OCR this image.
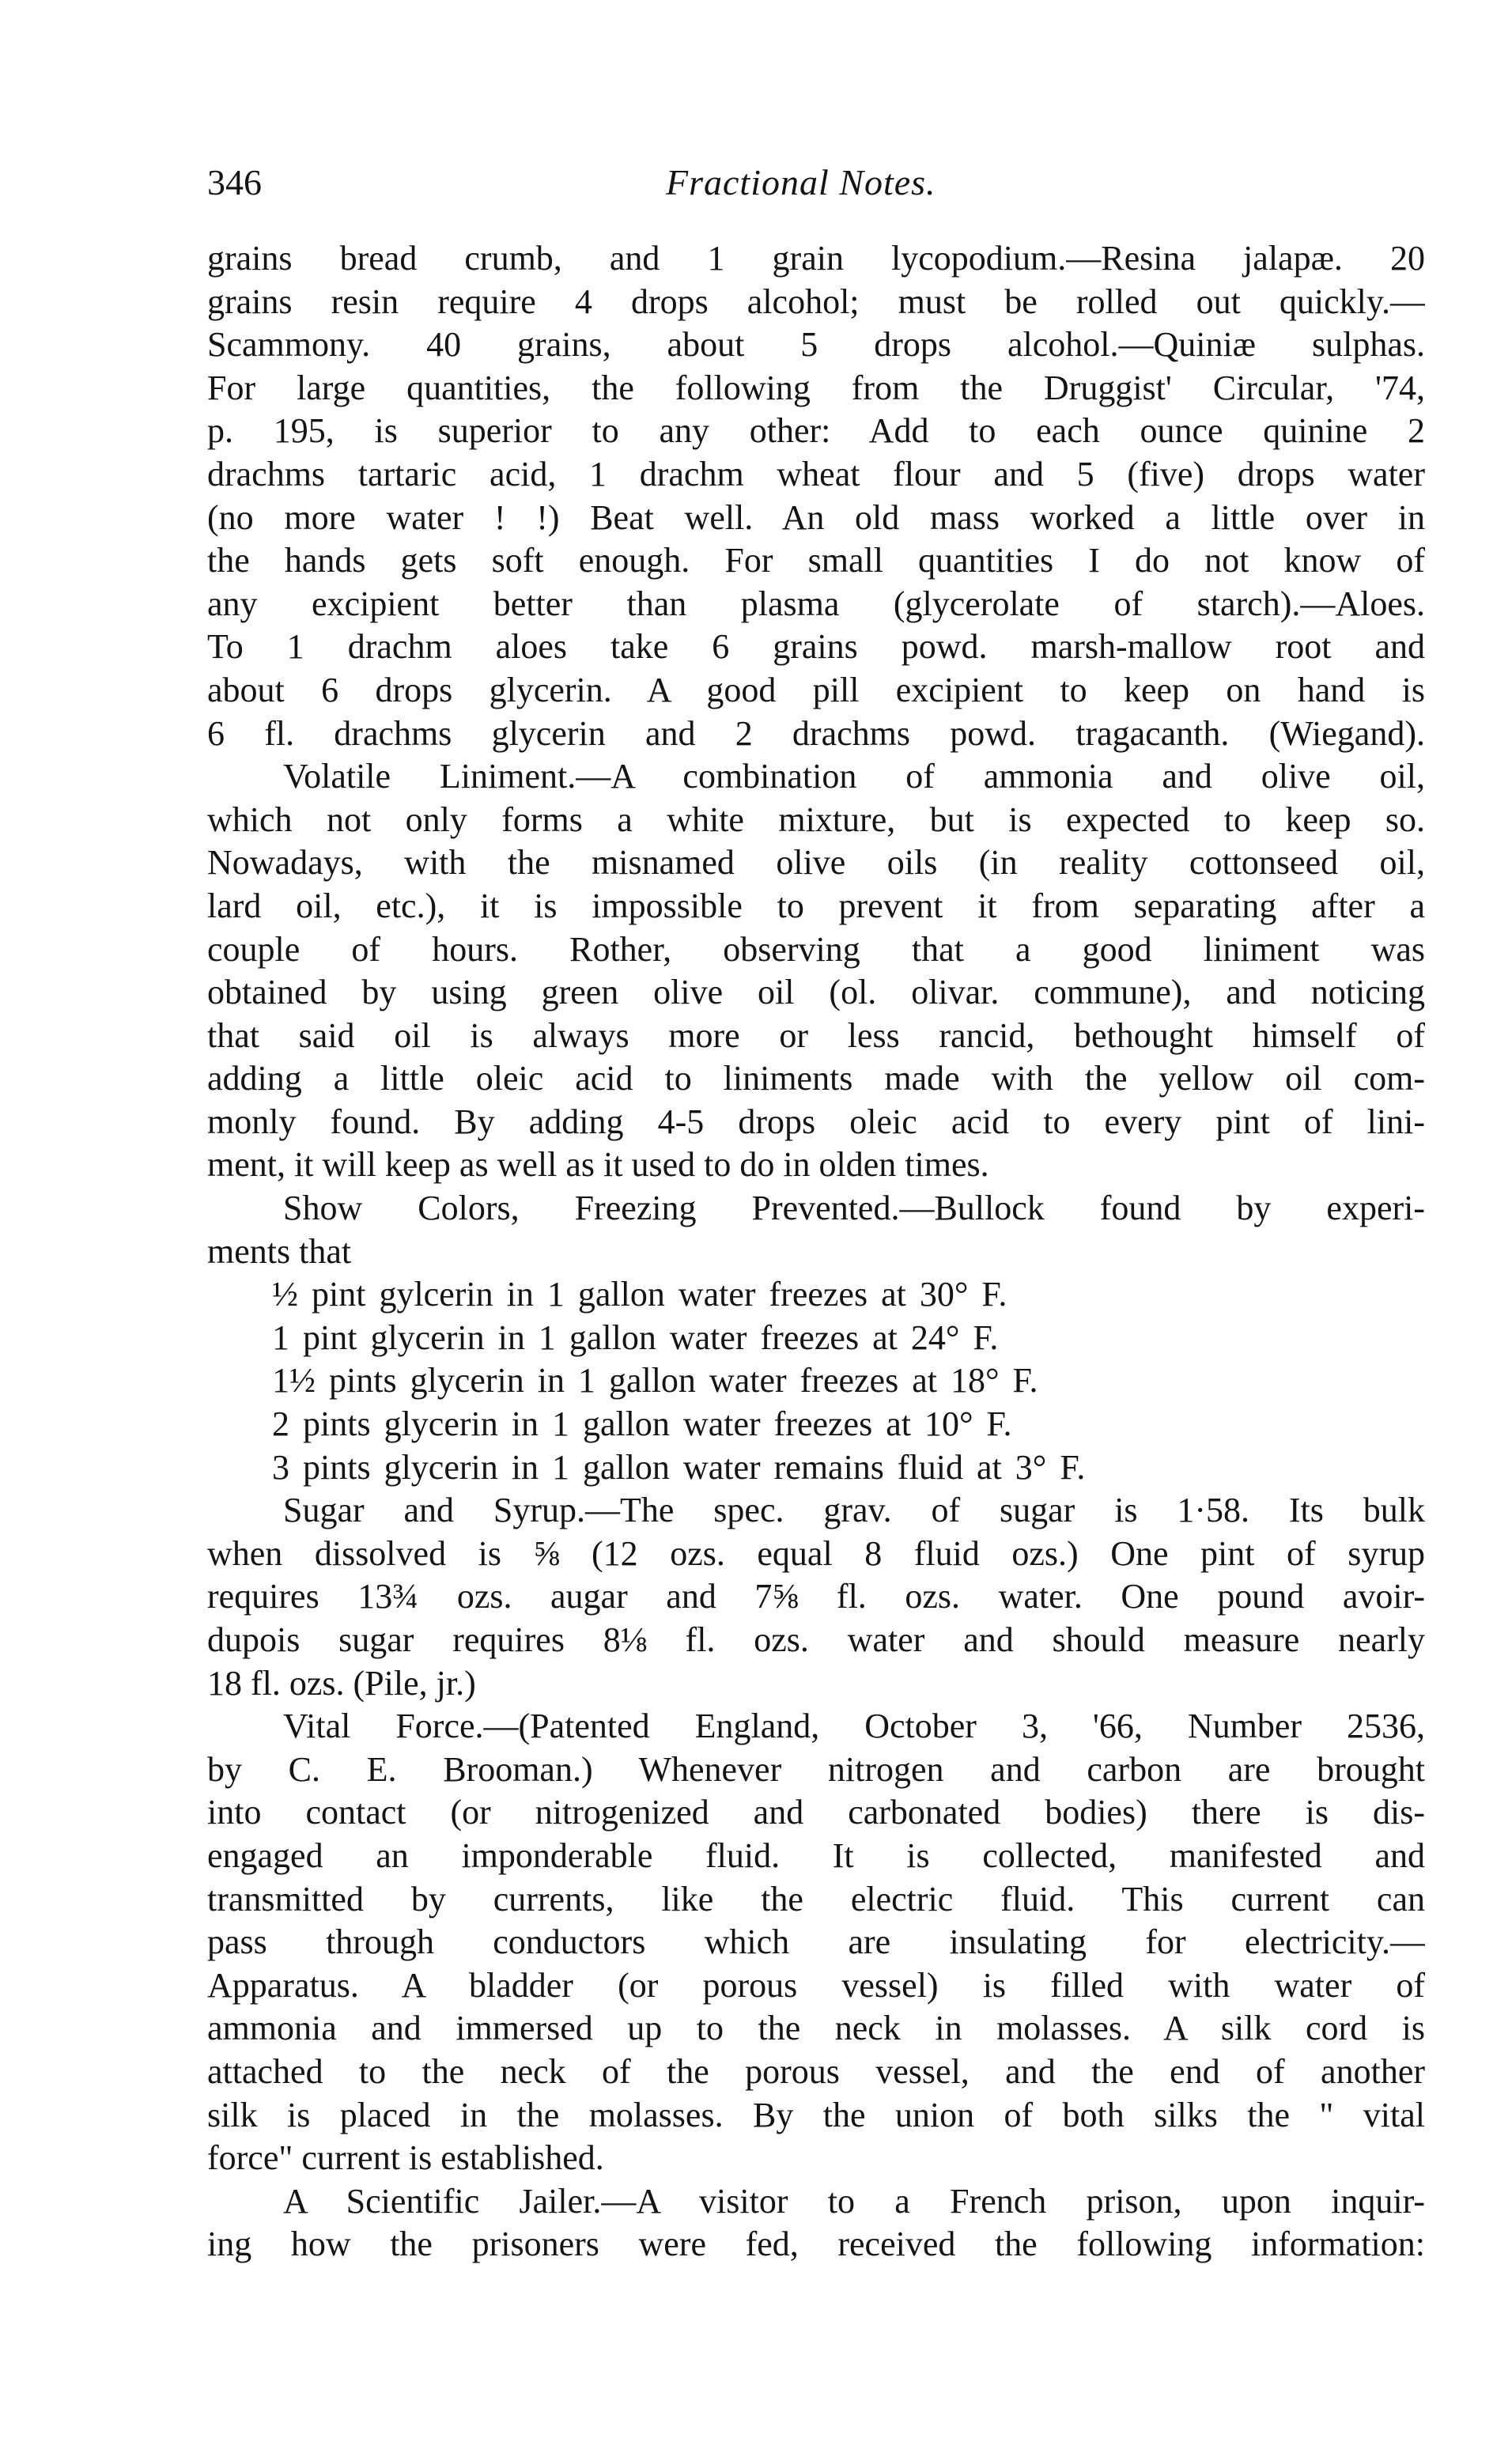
346	Fractional Notes.
grains bread crumb, and 1 grain lycopodium.—Resina jalapæ. 20
grains resin require 4 drops alcohol; must be rolled out quickly.—
Scammony. 40 grains, about 5 drops alcohol.—Quiniæ sulphas.
For large quantities, the following from the Druggist' Circular, '74,
p. 195, is superior to any other: Add to each ounce quinine 2
drachms tartaric acid, 1 drachm wheat flour and 5 (five) drops water
(no more water ! !) Beat well. An old mass worked a little over in
the hands gets soft enough. For small quantities I do not know of
any excipient better than plasma (glycerolate of starch).—Aloes.
To 1 drachm aloes take 6 grains powd. marsh-mallow root and
about 6 drops glycerin. A good pill excipient to keep on hand is
6 fl. drachms glycerin and 2 drachms powd. tragacanth. (Wiegand).
Volatile Liniment.—A combination of ammonia and olive oil,
which not only forms a white mixture, but is expected to keep so.
Nowadays, with the misnamed olive oils (in reality cottonseed oil,
lard oil, etc.), it is impossible to prevent it from separating after a
couple of hours. Rother, observing that a good liniment was
obtained by using green olive oil (ol. olivar. commune), and noticing
that said oil is always more or less rancid, bethought himself of
adding a little oleic acid to liniments made with the yellow oil com-
monly found. By adding 4-5 drops oleic acid to every pint of lini-
ment, it will keep as well as it used to do in olden times.
Show Colors, Freezing Prevented.—Bullock found by experi-
ments that
½ pint gylcerin in 1 gallon water freezes at 30° F.
1 pint glycerin in 1 gallon water freezes at 24° F.
1½ pints glycerin in 1 gallon water freezes at 18° F.
2 pints glycerin in 1 gallon water freezes at 10° F.
3 pints glycerin in 1 gallon water remains fluid at 3° F.
Sugar and Syrup.—The spec. grav. of sugar is 1·58. Its bulk
when dissolved is ⅝ (12 ozs. equal 8 fluid ozs.) One pint of syrup
requires 13¾ ozs. augar and 7⅝ fl. ozs. water. One pound avoir-
dupois sugar requires 8⅛ fl. ozs. water and should measure nearly
18 fl. ozs. (Pile, jr.)
Vital Force.—(Patented England, October 3, '66, Number 2536,
by C. E. Brooman.) Whenever nitrogen and carbon are brought
into contact (or nitrogenized and carbonated bodies) there is dis-
engaged an imponderable fluid. It is collected, manifested and
transmitted by currents, like the electric fluid. This current can
pass through conductors which are insulating for electricity.—
Apparatus. A bladder (or porous vessel) is filled with water of
ammonia and immersed up to the neck in molasses. A silk cord is
attached to the neck of the porous vessel, and the end of another
silk is placed in the molasses. By the union of both silks the " vital
force" current is established.
A Scientific Jailer.—A visitor to a French prison, upon inquir-
ing how the prisoners were fed, received the following information:
